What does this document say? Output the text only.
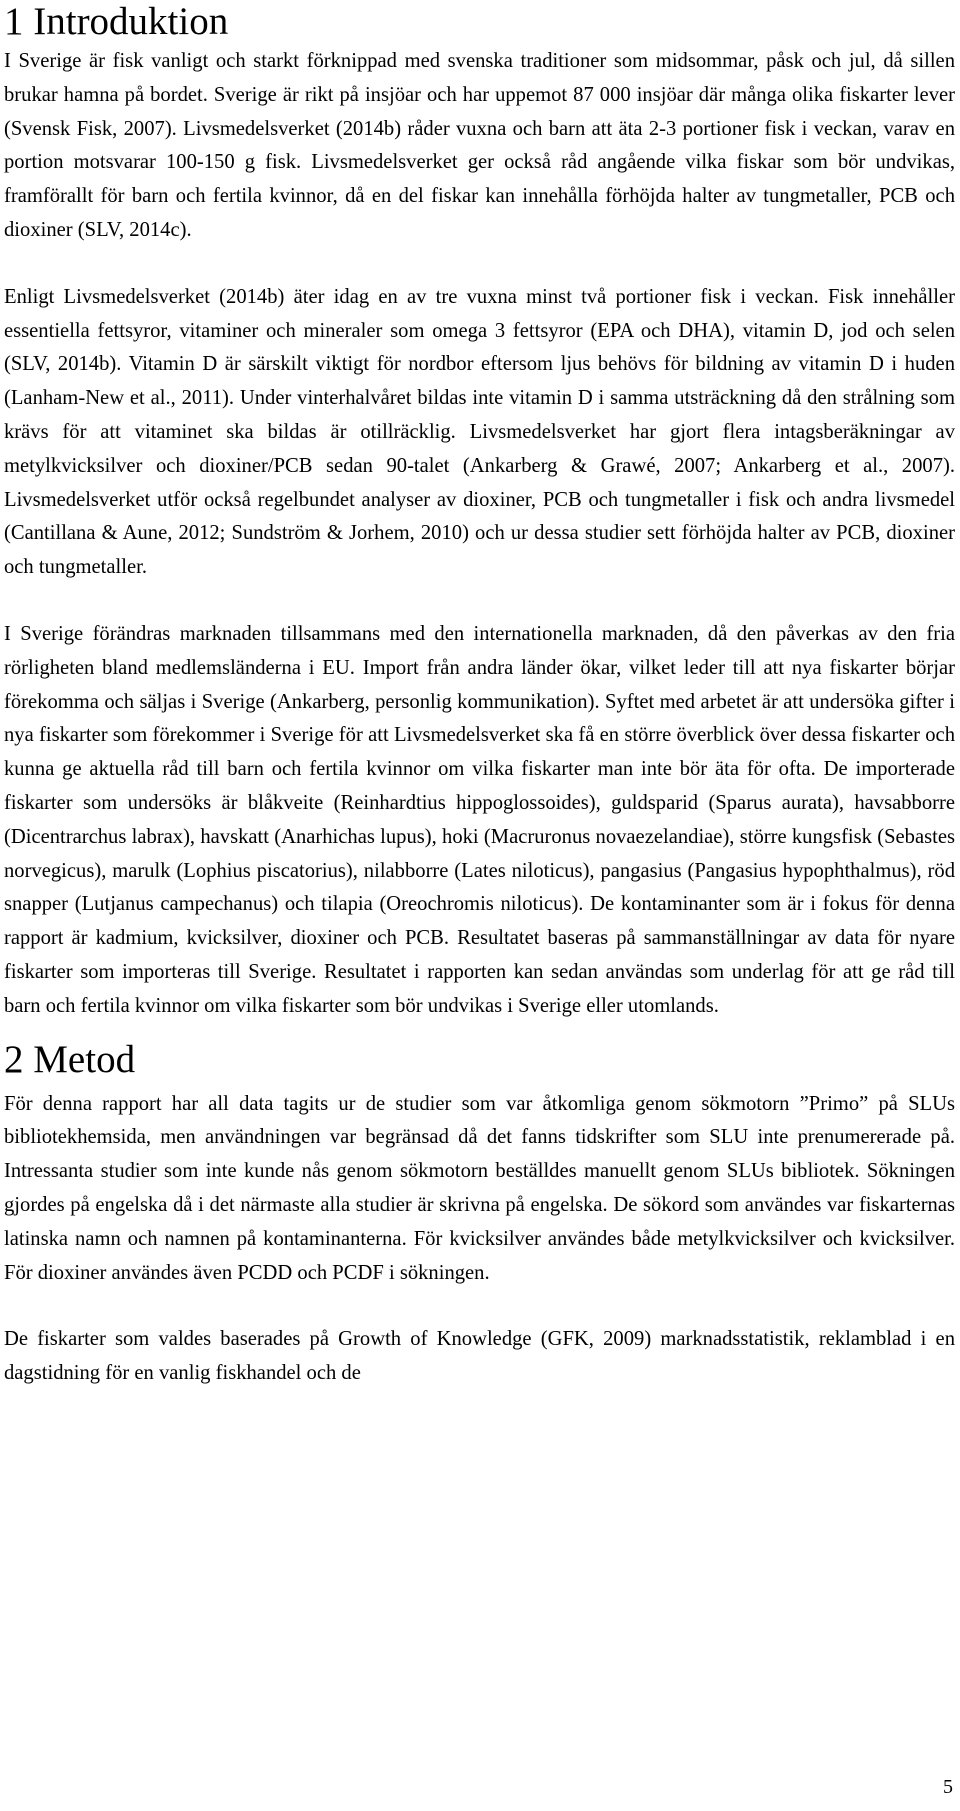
1 Introduktion

I Sverige är fisk vanligt och starkt förknippad med svenska traditioner som midsommar, påsk och jul, då sillen brukar hamna på bordet. Sverige är rikt på insjöar och har uppemot 87 000 insjöar där många olika fiskarter lever (Svensk Fisk, 2007). Livsmedelsverket (2014b) råder vuxna och barn att äta 2-3 portioner fisk i veckan, varav en portion motsvarar 100-150 g fisk. Livsmedelsverket ger också råd angående vilka fiskar som bör undvikas, framförallt för barn och fertila kvinnor, då en del fiskar kan innehålla förhöjda halter av tungmetaller, PCB och dioxiner (SLV, 2014c).

Enligt Livsmedelsverket (2014b) äter idag en av tre vuxna minst två portioner fisk i veckan. Fisk innehåller essentiella fettsyror, vitaminer och mineraler som omega 3 fettsyror (EPA och DHA), vitamin D, jod och selen (SLV, 2014b). Vitamin D är särskilt viktigt för nordbor eftersom ljus behövs för bildning av vitamin D i huden (Lanham-New et al., 2011). Under vinterhalvåret bildas inte vitamin D i samma utsträckning då den strålning som krävs för att vitaminet ska bildas är otillräcklig. Livsmedelsverket har gjort flera intagsberäkningar av metylkvicksilver och dioxiner/PCB sedan 90-talet (Ankarberg & Grawé, 2007; Ankarberg et al., 2007). Livsmedelsverket utför också regelbundet analyser av dioxiner, PCB och tungmetaller i fisk och andra livsmedel (Cantillana & Aune, 2012; Sundström & Jorhem, 2010) och ur dessa studier sett förhöjda halter av PCB, dioxiner och tungmetaller.

I Sverige förändras marknaden tillsammans med den internationella marknaden, då den påverkas av den fria rörligheten bland medlemsländerna i EU. Import från andra länder ökar, vilket leder till att nya fiskarter börjar förekomma och säljas i Sverige (Ankarberg, personlig kommunikation). Syftet med arbetet är att undersöka gifter i nya fiskarter som förekommer i Sverige för att Livsmedelsverket ska få en större överblick över dessa fiskarter och kunna ge aktuella råd till barn och fertila kvinnor om vilka fiskarter man inte bör äta för ofta. De importerade fiskarter som undersöks är blåkveite (Reinhardtius hippoglossoides), guldsparid (Sparus aurata), havsabborre (Dicentrarchus labrax), havskatt (Anarhichas lupus), hoki (Macruronus novaezelandiae), större kungsfisk (Sebastes norvegicus), marulk (Lophius piscatorius), nilabborre (Lates niloticus), pangasius (Pangasius hypophthalmus), röd snapper (Lutjanus campechanus) och tilapia (Oreochromis niloticus). De kontaminanter som är i fokus för denna rapport är kadmium, kvicksilver, dioxiner och PCB. Resultatet baseras på sammanställningar av data för nyare fiskarter som importeras till Sverige. Resultatet i rapporten kan sedan användas som underlag för att ge råd till barn och fertila kvinnor om vilka fiskarter som bör undvikas i Sverige eller utomlands.

2 Metod

För denna rapport har all data tagits ur de studier som var åtkomliga genom sökmotorn ”Primo” på SLUs bibliotekhemsida, men användningen var begränsad då det fanns tidskrifter som SLU inte prenumererade på. Intressanta studier som inte kunde nås genom sökmotorn beställdes manuellt genom SLUs bibliotek. Sökningen gjordes på engelska då i det närmaste alla studier är skrivna på engelska. De sökord som användes var fiskarternas latinska namn och namnen på kontaminanterna. För kvicksilver användes både metylkvicksilver och kvicksilver. För dioxiner användes även PCDD och PCDF i sökningen.

De fiskarter som valdes baserades på Growth of Knowledge (GFK, 2009) marknadsstatistik, reklamblad i en dagstidning för en vanlig fiskhandel och de

5
